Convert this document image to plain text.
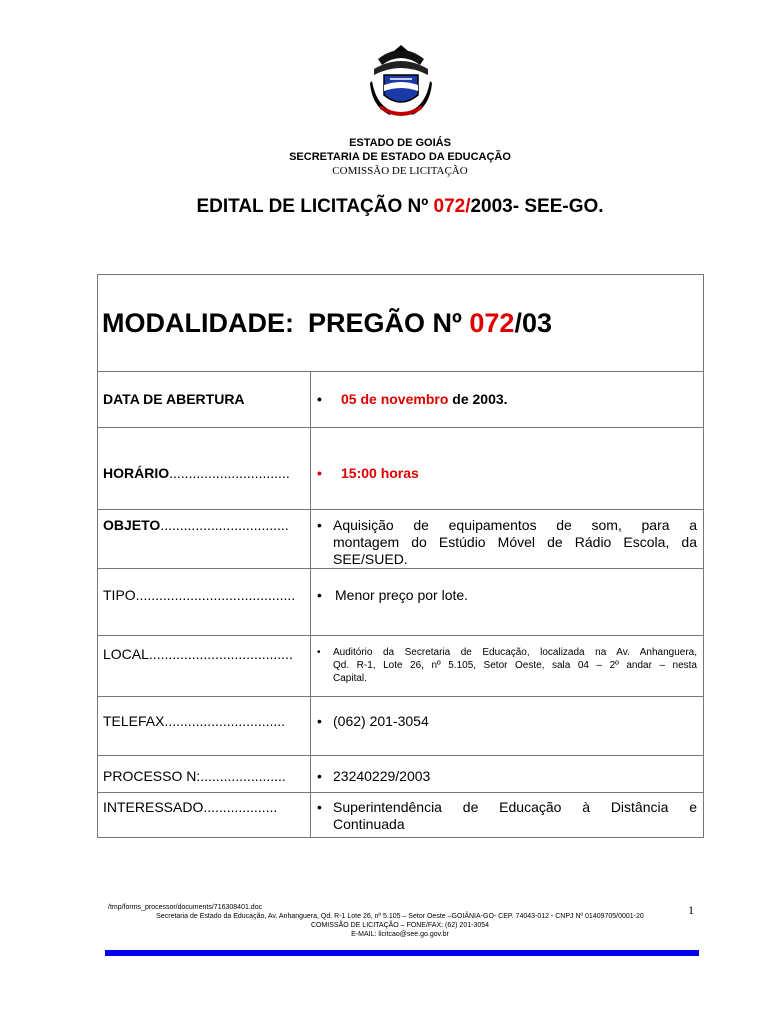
ESTADO DE GOIÁS
SECRETARIA DE ESTADO DA EDUCAÇÃO
COMISSÃO DE LICITAÇÃO
EDITAL DE LICITAÇÃO Nº 072/2003- SEE-GO.
MODALIDADE: PREGÃO Nº 072/03	

DATA DE ABERTURA	• 05 de novembro de 2003.

HORÁRIO...............................	• 15:00 horas

OBJETO.................................	• Aquisição de equipamentos de som, para a
montagem do Estúdio Móvel de Rádio Escola, da
SEE/SUED.

TIPO.........................................	• Menor preço por lote.

LOCAL.....................................	• Auditório da Secretaria de Educação, localizada na Av. Anhanguera,
Qd. R-1, Lote 26, nº 5.105, Setor Oeste, sala 04 – 2º andar – nesta
Capital.

TELEFAX...............................	• (062) 201-3054

PROCESSO N:......................	• 23240229/2003

INTERESSADO...................	• Superintendência de Educação à Distância e
Continuada
/tmp/forms_processor/documents/716308401.doc
Secretaria de Estado da Educação, Av. Anhanguera, Qd. R-1 Lote 26, nº 5.105 – Setor Oeste –GOIÂNIA-GO- CEP. 74043-012 - CNPJ Nº 01409705/0001-20
COMISSÃO DE LICITAÇÃO – FONE/FAX: (62) 201-3054
E-MAIL: licitcao@see.go.gov.br
1
